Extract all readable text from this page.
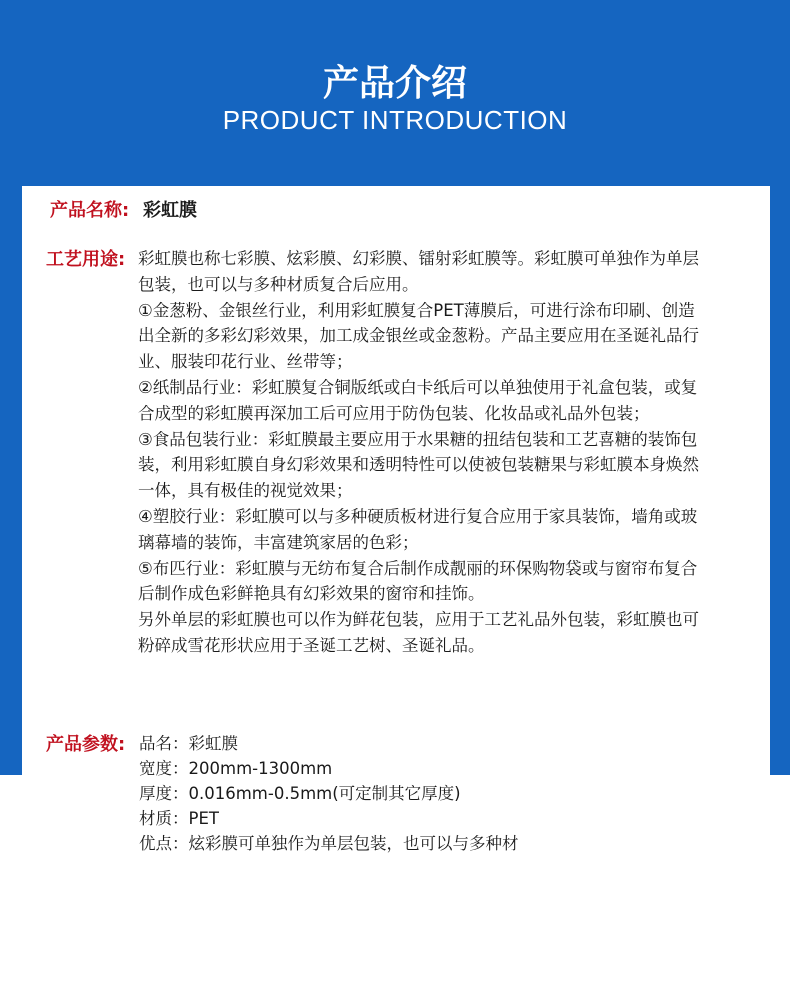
产品介绍
PRODUCT INTRODUCTION
产品名称: 彩虹膜
工艺用途: 彩虹膜也称七彩膜、炫彩膜、幻彩膜、镭射彩虹膜等。彩虹膜可单独作为单层
包装，也可以与多种材质复合后应用。
①金葱粉、金银丝行业，利用彩虹膜复合PET薄膜后，可进行涂布印刷、创造
出全新的多彩幻彩效果，加工成金银丝或金葱粉。产品主要应用在圣诞礼品行
业、服装印花行业、丝带等；
②纸制品行业：彩虹膜复合铜版纸或白卡纸后可以单独使用于礼盒包装，或复
合成型的彩虹膜再深加工后可应用于防伪包装、化妆品或礼品外包装；
③食品包装行业：彩虹膜最主要应用于水果糖的扭结包装和工艺喜糖的装饰包
装，利用彩虹膜自身幻彩效果和透明特性可以使被包装糖果与彩虹膜本身焕然
一体，具有极佳的视觉效果；
④塑胶行业：彩虹膜可以与多种硬质板材进行复合应用于家具装饰，墙角或玻
璃幕墙的装饰，丰富建筑家居的色彩；
⑤布匹行业：彩虹膜与无纺布复合后制作成靓丽的环保购物袋或与窗帘布复合
后制作成色彩鲜艳具有幻彩效果的窗帘和挂饰。
另外单层的彩虹膜也可以作为鲜花包装，应用于工艺礼品外包装，彩虹膜也可
粉碎成雪花形状应用于圣诞工艺树、圣诞礼品。
产品参数: 品名：彩虹膜
宽度：200mm-1300mm
厚度：0.016mm-0.5mm(可定制其它厚度)
材质：PET
优点：炫彩膜可单独作为单层包装，也可以与多种材
